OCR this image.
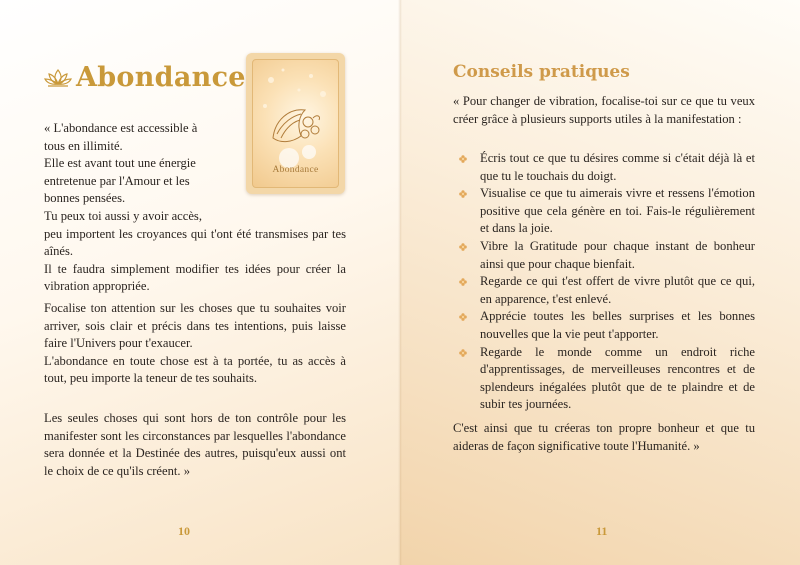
Abondance
Abondance

« L'abondance est accessible à

tous en illimité.

Elle est avant tout une énergie

entretenue par l'Amour et les

bonnes pensées.

Tu peux toi aussi y avoir accès,

peu importent les croyances qui t'ont été transmises par tes aînés.

Il te faudra simplement modifier tes idées pour créer la vibration appropriée.

Focalise ton attention sur les choses que tu souhaites voir arriver, sois clair et précis dans tes intentions, puis laisse faire l'Univers pour t'exaucer.

L'abondance en toute chose est à ta portée, tu as accès à tout, peu importe la teneur de tes souhaits.

Les seules choses qui sont hors de ton contrôle pour les manifester sont les circonstances par lesquelles l'abondance sera donnée et la Destinée des autres, puisqu'eux aussi ont le choix de ce qu'ils créent. »

10
Conseils pratiques

« Pour changer de vibration, focalise-toi sur ce que tu veux créer grâce à plusieurs supports utiles à la manifestation :

Écris tout ce que tu désires comme si c'était déjà là et que tu le touchais du doigt.
Visualise ce que tu aimerais vivre et ressens l'émotion positive que cela génère en toi. Fais-le régulièrement et dans la joie.
Vibre la Gratitude pour chaque instant de bonheur ainsi que pour chaque bienfait.
Regarde ce qui t'est offert de vivre plutôt que ce qui, en apparence, t'est enlevé.
Apprécie toutes les belles surprises et les bonnes nouvelles que la vie peut t'apporter.
Regarde le monde comme un endroit riche d'apprentissages, de merveilleuses rencontres et de splendeurs inégalées plutôt que de te plaindre et de subir tes journées.

C'est ainsi que tu créeras ton propre bonheur et que tu aideras de façon significative toute l'Humanité. »

11
